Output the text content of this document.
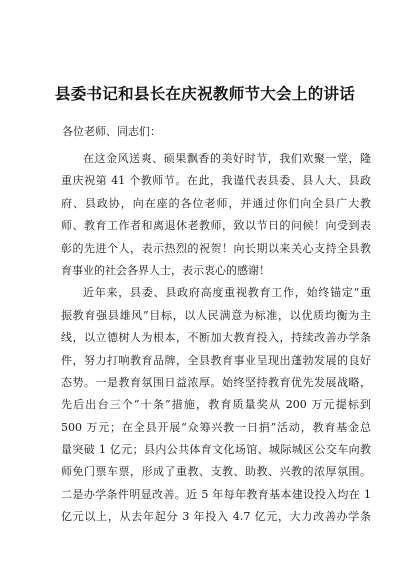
县委书记和县长在庆祝教师节大会上的讲话

各位老师、同志们：

在这金风送爽、硕果飘香的美好时节，我们欢聚一堂，隆
重庆祝第 41 个教师节。在此，我谨代表县委、县人大、县政
府、县政协，向在座的各位老师，并通过你们向全县广大教
师、教育工作者和离退休老教师，致以节日的问候！向受到表
彰的先进个人，表示热烈的祝贺！向长期以来关心支持全县教
育事业的社会各界人士，表示衷心的感谢！
近年来，县委、县政府高度重视教育工作，始终锚定“重
振教育强县雄风”目标，以人民满意为标准，以优质均衡为主
线，以立德树人为根本，不断加大教育投入，持续改善办学条
件，努力打响教育品牌，全县教育事业呈现出蓬勃发展的良好
态势。一是教育氛围日益浓厚。始终坚持教育优先发展战略，
先后出台三个“十条”措施，教育质量奖从 200 万元提标到
500 万元；在全县开展“众筹兴教一日捐”活动，教育基金总
量突破 1 亿元；县内公共体育文化场馆、城际城区公交车向教
师免门票车票，形成了重教、支教、助教、兴教的浓厚氛围。
二是办学条件明显改善。近 5 年每年教育基本建设投入均在 1
亿元以上，从去年起分 3 年投入 4.7 亿元，大力改善办学条
